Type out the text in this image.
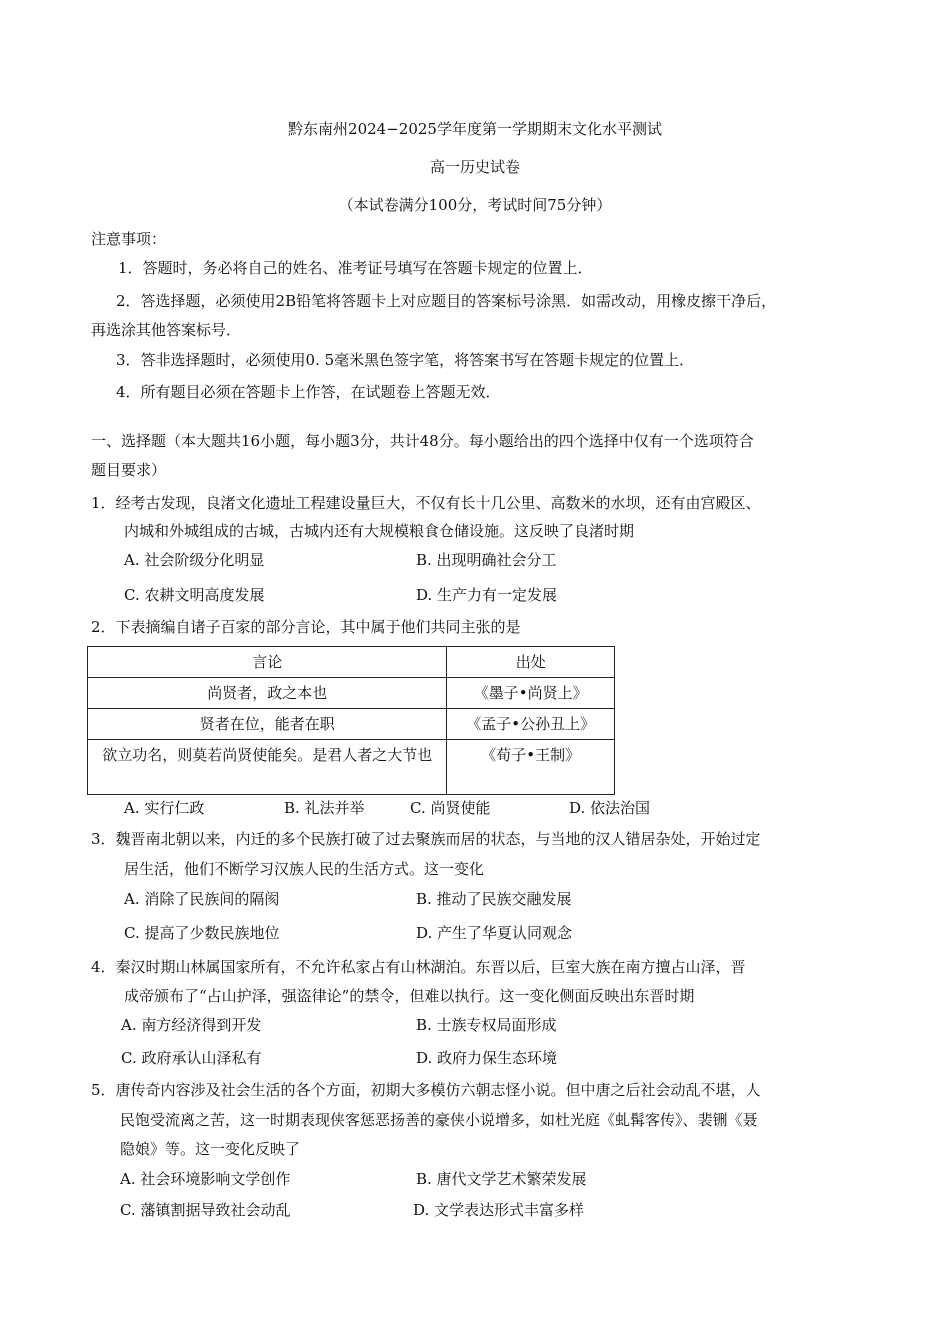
黔东南州2024−2025学年度第一学期期末文化水平测试
高一历史试卷
（本试卷满分100分，考试时间75分钟）
注意事项：
1．答题时，务必将自己的姓名、准考证号填写在答题卡规定的位置上．
2．答选择题，必须使用2B铅笔将答题卡上对应题目的答案标号涂黑．如需改动，用橡皮擦干净后，
再选涂其他答案标号．
3．答非选择题时，必须使用0. 5毫米黑色签字笔，将答案书写在答题卡规定的位置上．
4．所有题目必须在答题卡上作答，在试题卷上答题无效．
一、选择题（本大题共16小题，每小题3分，共计48分。每小题给出的四个选择中仅有一个选项符合
题目要求）
1．经考古发现，良渚文化遗址工程建设量巨大，不仅有长十几公里、高数米的水坝，还有由宫殿区、
内城和外城组成的古城，古城内还有大规模粮食仓储设施。这反映了良渚时期
A. 社会阶级分化明显	B. 出现明确社会分工
C. 农耕文明高度发展	D. 生产力有一定发展
2．下表摘编自诸子百家的部分言论，其中属于他们共同主张的是
言论	出处
尚贤者，政之本也	《墨子•尚贤上》
贤者在位，能者在职	《孟子•公孙丑上》
欲立功名，则莫若尚贤使能矣。是君人者之大节也	《荀子•王制》
A. 实行仁政	B. 礼法并举	C. 尚贤使能	D. 依法治国
3．魏晋南北朝以来，内迁的多个民族打破了过去聚族而居的状态，与当地的汉人错居杂处，开始过定
居生活，他们不断学习汉族人民的生活方式。这一变化
A. 消除了民族间的隔阂	B. 推动了民族交融发展
C. 提高了少数民族地位	D. 产生了华夏认同观念
4．秦汉时期山林属国家所有，不允许私家占有山林湖泊。东晋以后，巨室大族在南方擅占山泽，晋
成帝颁布了“占山护泽，强盗律论”的禁令，但难以执行。这一变化侧面反映出东晋时期
A. 南方经济得到开发	B. 士族专权局面形成
C. 政府承认山泽私有	D. 政府力保生态环境
5．唐传奇内容涉及社会生活的各个方面，初期大多模仿六朝志怪小说。但中唐之后社会动乱不堪，人
民饱受流离之苦，这一时期表现侠客惩恶扬善的豪侠小说增多，如杜光庭《虬髯客传》、裴铏《聂
隐娘》等。这一变化反映了
A. 社会环境影响文学创作	B. 唐代文学艺术繁荣发展
C. 藩镇割据导致社会动乱	D. 文学表达形式丰富多样
